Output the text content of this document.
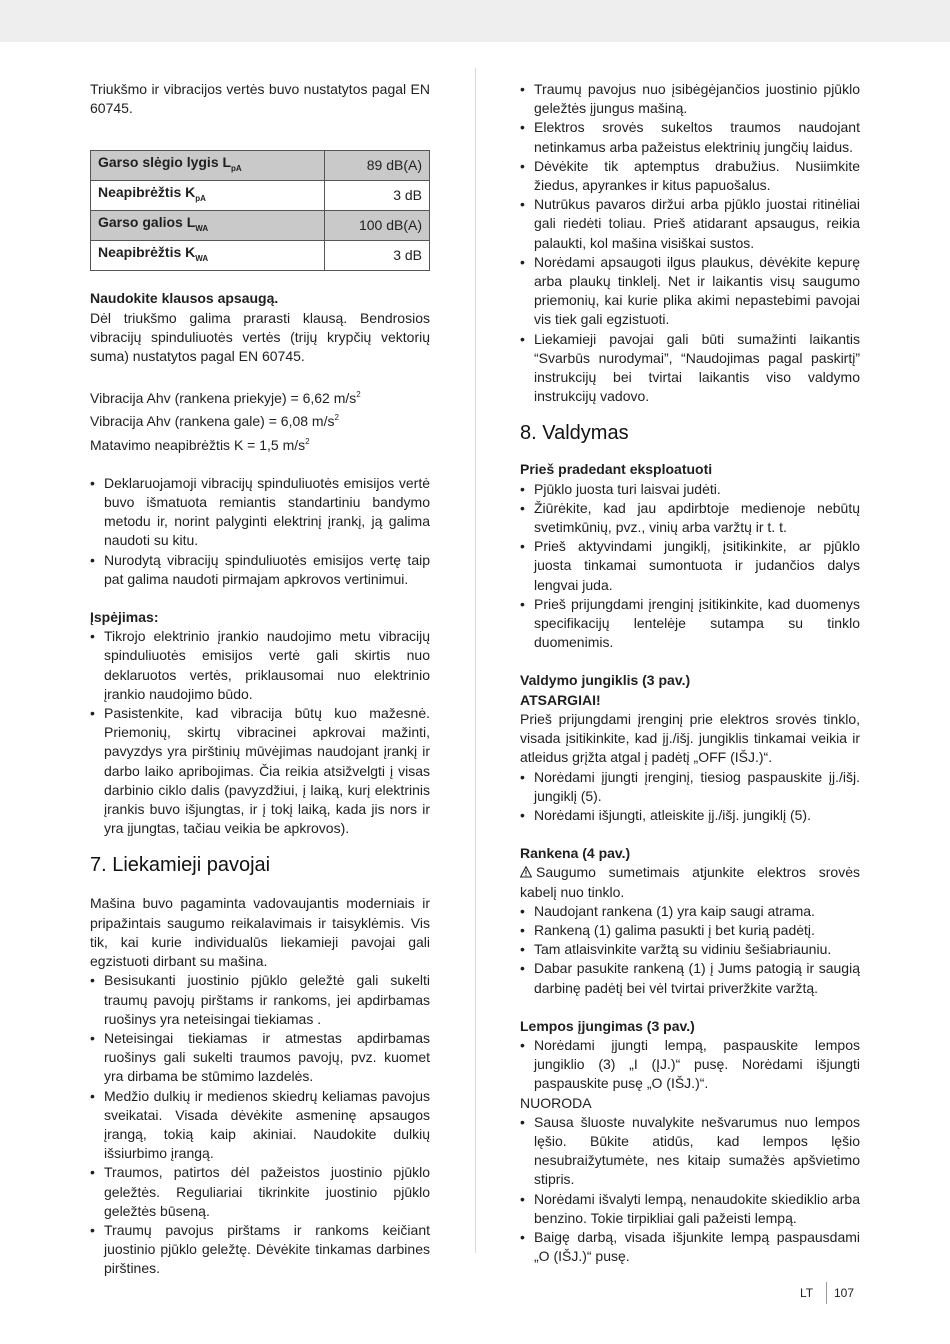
Triukšmo ir vibracijos vertės buvo nustatytos pagal EN 60745.

Garso slėgio lygis $L_{pA}$	89 dB(A)
Neapibrėžtis $K_{pA}$	3 dB
Garso galios $L_{WA}$	100 dB(A)
Neapibrėžtis $K_{WA}$	3 dB

Naudokite klausos apsaugą.

Dėl triukšmo galima prarasti klausą. Bendrosios vibracijų spinduliuotės vertės (trijų krypčių vektorių suma) nustatytos pagal EN 60745.

Vibracija Ahv (rankena priekyje) = 6,62 $m/s^2$

Vibracija Ahv (rankena gale) = 6,08 $m/s^2$

Matavimo neapibrėžtis K = 1,5 $m/s^2$

• Deklaruojamoji vibracijų spinduliuotės emisijos vertė buvo išmatuota remiantis standartiniu bandymo metodu ir, norint palyginti elektrinį įrankį, ją galima naudoti su kitu.
• Nurodytą vibracijų spinduliuotės emisijos vertę taip pat galima naudoti pirmajam apkrovos vertinimui.

Įspėjimas:

• Tikrojo elektrinio įrankio naudojimo metu vibracijų spinduliuotės emisijos vertė gali skirtis nuo deklaruotos vertės, priklausomai nuo elektrinio įrankio naudojimo būdo.
• Pasistenkite, kad vibracija būtų kuo mažesnė. Priemonių, skirtų vibracinei apkrovai mažinti, pavyzdys yra pirštinių mūvėjimas naudojant įrankį ir darbo laiko apribojimas. Čia reikia atsižvelgti į visas darbinio ciklo dalis (pavyzdžiui, į laiką, kurį elektrinis įrankis buvo išjungtas, ir į tokį laiką, kada jis nors ir yra įjungtas, tačiau veikia be apkrovos).
7. Liekamieji pavojai

Mašina buvo pagaminta vadovaujantis moderniais ir pripažintais saugumo reikalavimais ir taisyklėmis. Vis tik, kai kurie individualūs liekamieji pavojai gali egzistuoti dirbant su mašina.

• Besisukanti juostinio pjūklo geležtė gali sukelti traumų pavojų pirštams ir rankoms, jei apdirbamas ruošinys yra neteisingai tiekiamas .
• Neteisingai tiekiamas ir atmestas apdirbamas ruošinys gali sukelti traumos pavojų, pvz. kuomet yra dirbama be stūmimo lazdelės.
• Medžio dulkių ir medienos skiedrų keliamas pavojus sveikatai. Visada dėvėkite asmeninę apsaugos įrangą, tokią kaip akiniai. Naudokite dulkių išsiurbimo įrangą.
• Traumos, patirtos dėl pažeistos juostinio pjūklo geležtės. Reguliariai tikrinkite juostinio pjūklo geležtės būseną.
• Traumų pavojus pirštams ir rankoms keičiant juostinio pjūklo geležtę. Dėvėkite tinkamas darbines pirštines.
• Traumų pavojus nuo įsibėgėjančios juostinio pjūklo geležtės įjungus mašiną.
• Elektros srovės sukeltos traumos naudojant netinkamus arba pažeistus elektrinių jungčių laidus.
• Dėvėkite tik aptemptus drabužius. Nusiimkite žiedus, apyrankes ir kitus papuošalus.
• Nutrūkus pavaros diržui arba pjūklo juostai ritinėliai gali riedėti toliau. Prieš atidarant apsaugus, reikia palaukti, kol mašina visiškai sustos.
• Norėdami apsaugoti ilgus plaukus, dėvėkite kepurę arba plaukų tinklelį. Net ir laikantis visų saugumo priemonių, kai kurie plika akimi nepastebimi pavojai vis tiek gali egzistuoti.
• Liekamieji pavojai gali būti sumažinti laikantis “Svarbūs nurodymai”, “Naudojimas pagal paskirtį” instrukcijų bei tvirtai laikantis viso valdymo instrukcijų vadovo.
8. Valdymas

Prieš pradedant eksploatuoti

• Pjūklo juosta turi laisvai judėti.
• Žiūrėkite, kad jau apdirbtoje medienoje nebūtų svetimkūnių, pvz., vinių arba varžtų ir t. t.
• Prieš aktyvindami jungiklį, įsitikinkite, ar pjūklo juosta tinkamai sumontuota ir judančios dalys lengvai juda.
• Prieš prijungdami įrenginį įsitikinkite, kad duomenys specifikacijų lentelėje sutampa su tinklo duomenimis.

Valdymo jungiklis (3 pav.)

ATSARGIAI!

Prieš prijungdami įrenginį prie elektros srovės tinklo, visada įsitikinkite, kad įj./išj. jungiklis tinkamai veikia ir atleidus grįžta atgal į padėtį „OFF (IŠJ.)“.

• Norėdami įjungti įrenginį, tiesiog paspauskite įj./išj. jungiklį (5).
• Norėdami išjungti, atleiskite įj./išj. jungiklį (5).

Rankena (4 pav.)

Saugumo sumetimais atjunkite elektros srovės kabelį nuo tinklo.

• Naudojant rankena (1) yra kaip saugi atrama.
• Rankeną (1) galima pasukti į bet kurią padėtį.
• Tam atlaisvinkite varžtą su vidiniu šešiabriauniu.
• Dabar pasukite rankeną (1) į Jums patogią ir saugią darbinę padėtį bei vėl tvirtai priveržkite varžtą.

Lempos įjungimas (3 pav.)

• Norėdami įjungti lempą, paspauskite lempos jungiklio (3) „I (ĮJ.)“ pusę. Norėdami išjungti paspauskite pusę „O (IŠJ.)“.

NUORODA

• Sausa šluoste nuvalykite nešvarumus nuo lempos lęšio. Būkite atidūs, kad lempos lęšio nesubraižytumėte, nes kitaip sumažės apšvietimo stipris.
• Norėdami išvalyti lempą, nenaudokite skiediklio arba benzino. Tokie tirpikliai gali pažeisti lempą.
• Baigę darbą, visada išjunkite lempą paspausdami „O (IŠJ.)“ pusę.
LT 107
